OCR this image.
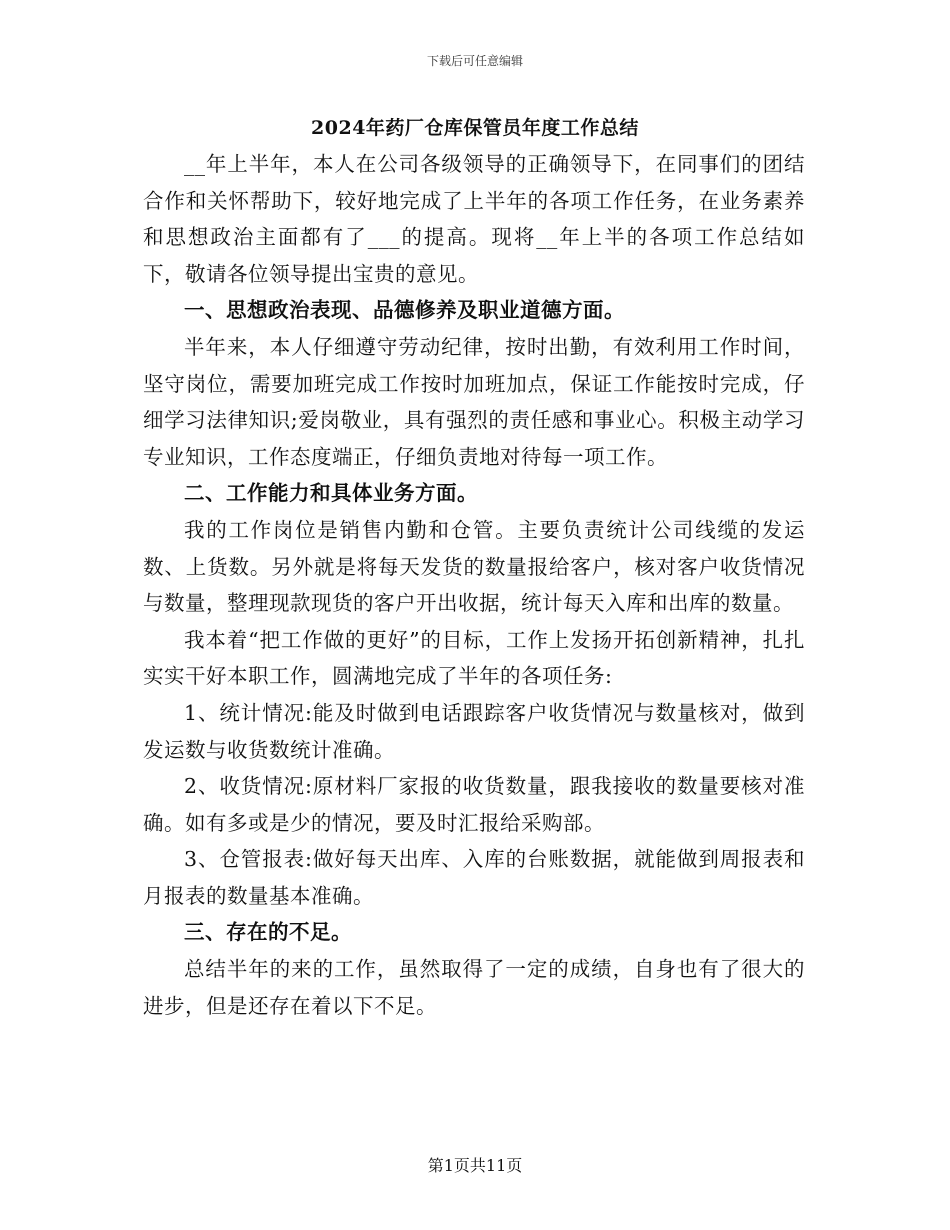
下载后可任意编辑
2024年药厂仓库保管员年度工作总结

__年上半年，本人在公司各级领导的正确领导下，在同事们的团结合作和关怀帮助下，较好地完成了上半年的各项工作任务，在业务素养和思想政治主面都有了___的提高。现将__年上半的各项工作总结如下，敬请各位领导提出宝贵的意见。

一、思想政治表现、品德修养及职业道德方面。

半年来，本人仔细遵守劳动纪律，按时出勤，有效利用工作时间，坚守岗位，需要加班完成工作按时加班加点，保证工作能按时完成，仔细学习法律知识;爱岗敬业，具有强烈的责任感和事业心。积极主动学习专业知识，工作态度端正，仔细负责地对待每一项工作。

二、工作能力和具体业务方面。

我的工作岗位是销售内勤和仓管。主要负责统计公司线缆的发运数、上货数。另外就是将每天发货的数量报给客户，核对客户收货情况与数量，整理现款现货的客户开出收据，统计每天入库和出库的数量。

我本着“把工作做的更好”的目标，工作上发扬开拓创新精神，扎扎实实干好本职工作，圆满地完成了半年的各项任务:

1、统计情况:能及时做到电话跟踪客户收货情况与数量核对，做到发运数与收货数统计准确。

2、收货情况:原材料厂家报的收货数量，跟我接收的数量要核对准确。如有多或是少的情况，要及时汇报给采购部。

3、仓管报表:做好每天出库、入库的台账数据，就能做到周报表和月报表的数量基本准确。

三、存在的不足。

总结半年的来的工作，虽然取得了一定的成绩，自身也有了很大的进步，但是还存在着以下不足。

第1页共11页
